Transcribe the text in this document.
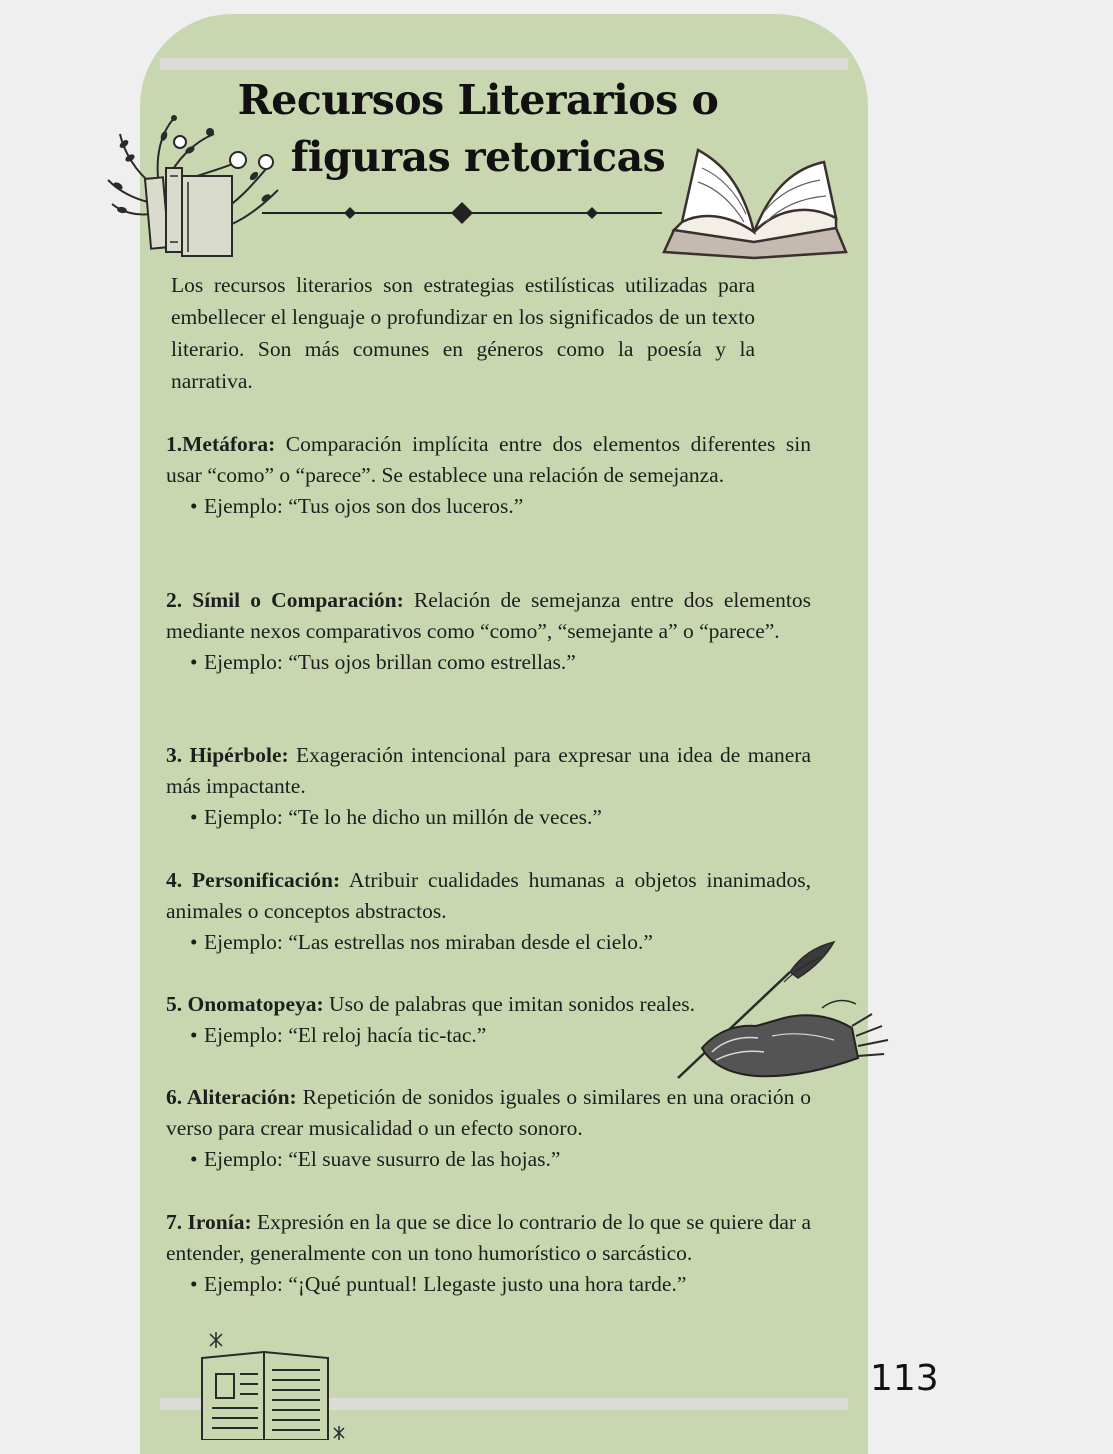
Recursos Literarios o
figuras retoricas

Los recursos literarios son estrategias estilísticas utilizadas para embellecer el lenguaje o profundizar en los significados de un texto literario. Son más comunes en géneros como la poesía y la narrativa.

1.Metáfora: Comparación implícita entre dos elementos diferentes sin usar “como” o “parece”. Se establece una relación de semejanza.
• Ejemplo: “Tus ojos son dos luceros.”
2. Símil o Comparación: Relación de semejanza entre dos elementos mediante nexos comparativos como “como”, “semejante a” o “parece”.
• Ejemplo: “Tus ojos brillan como estrellas.”
3. Hipérbole: Exageración intencional para expresar una idea de manera más impactante.
• Ejemplo: “Te lo he dicho un millón de veces.”
4. Personificación: Atribuir cualidades humanas a objetos inanimados, animales o conceptos abstractos.
• Ejemplo: “Las estrellas nos miraban desde el cielo.”
5. Onomatopeya: Uso de palabras que imitan sonidos reales.
• Ejemplo: “El reloj hacía tic-tac.”
6. Aliteración: Repetición de sonidos iguales o similares en una oración o verso para crear musicalidad o un efecto sonoro.
• Ejemplo: “El suave susurro de las hojas.”
7. Ironía: Expresión en la que se dice lo contrario de lo que se quiere dar a entender, generalmente con un tono humorístico o sarcástico.
• Ejemplo: “¡Qué puntual! Llegaste justo una hora tarde.”
113
